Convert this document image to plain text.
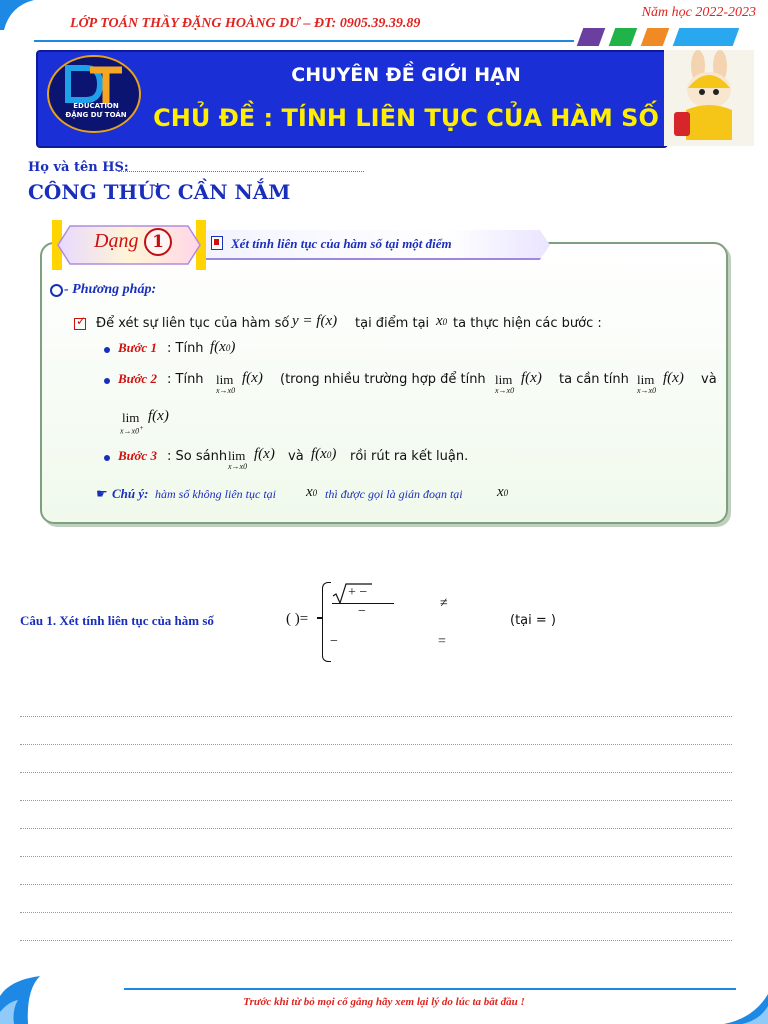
LỚP TOÁN THẦY ĐẶNG HOÀNG DƯ – ĐT: 0905.39.39.89
Năm học 2022-2023
EDUCATION
ĐẶNG DƯ TOÁN
CHUYÊN ĐỀ GIỚI HẠN
CHỦ ĐỀ : TÍNH LIÊN TỤC CỦA HÀM SỐ
Họ và tên HS:
CÔNG THỨC CẦN NẮM
Dạng 1	Xét tính liên tục của hàm số tại một điểm
- Phương pháp:
✓ Để xét sự liên tục của hàm số y = f(x) tại điểm tại x0 ta thực hiện các bước :
Bước 1 : Tính f(x0)
Bước 2 : Tính lim
x→x0
f(x) (trong nhiều trường hợp để tính lim
x→x0
f(x) ta cần tính lim
x→x0
f(x) và
lim
x→x0+
f(x)
Bước 3 : So sánh lim
x→x0
f(x) và f(x0) rồi rút ra kết luận.
☛ Chú ý: hàm số không liên tục tại x0 thì được gọi là gián đoạn tại x0
Câu 1. Xét tính liên tục của hàm số	( )=
+ −
−
≠
−	=
(tại = )
Trước khi từ bỏ mọi cố gắng hãy xem lại lý do lúc ta bắt đầu !
